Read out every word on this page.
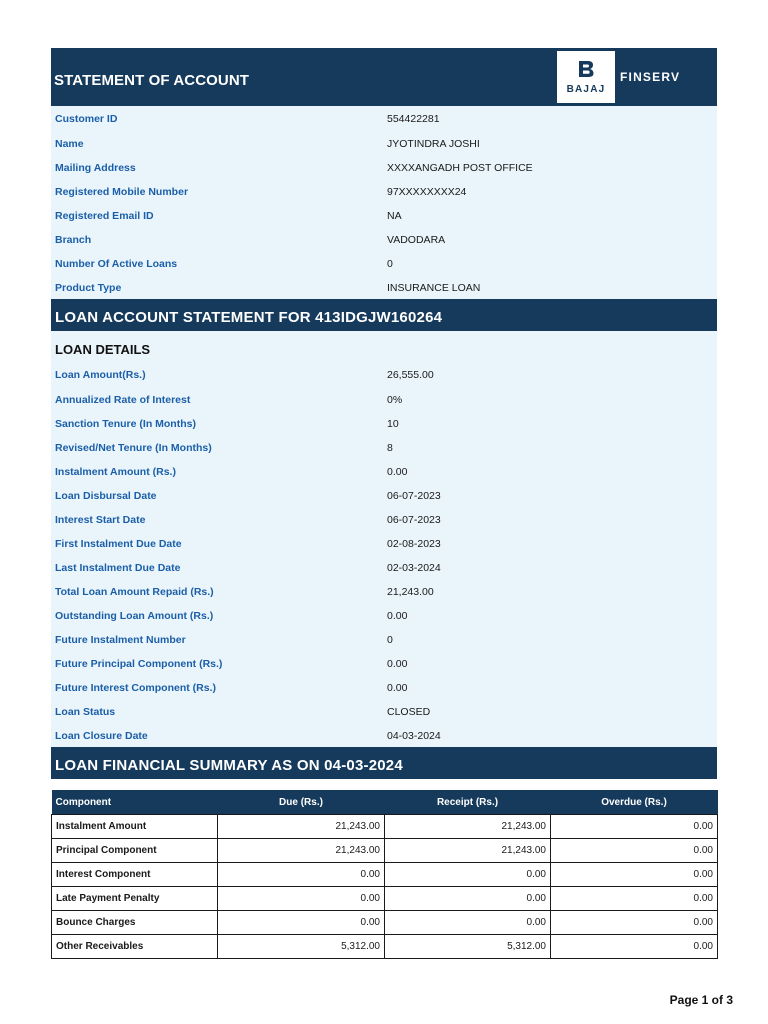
STATEMENT OF ACCOUNT
BAJAJ
FINSERV
Customer ID	554422281
Name	JYOTINDRA JOSHI
Mailing Address	XXXXANGADH POST OFFICE
Registered Mobile Number	97XXXXXXXX24
Registered Email ID	NA
Branch	VADODARA
Number Of Active Loans	0
Product Type	INSURANCE LOAN
LOAN ACCOUNT STATEMENT FOR 413IDGJW160264
LOAN DETAILS
Loan Amount(Rs.)	26,555.00
Annualized Rate of Interest	0%
Sanction Tenure (In Months)	10
Revised/Net Tenure (In Months)	8
Instalment Amount (Rs.)	0.00
Loan Disbursal Date	06-07-2023
Interest Start Date	06-07-2023
First Instalment Due Date	02-08-2023
Last Instalment Due Date	02-03-2024
Total Loan Amount Repaid (Rs.)	21,243.00
Outstanding Loan Amount (Rs.)	0.00
Future Instalment Number	0
Future Principal Component (Rs.)	0.00
Future Interest Component (Rs.)	0.00
Loan Status	CLOSED
Loan Closure Date	04-03-2024
LOAN FINANCIAL SUMMARY AS ON 04-03-2024
Component	Due (Rs.)	Receipt (Rs.)	Overdue (Rs.)
Instalment Amount	21,243.00	21,243.00	0.00
Principal Component	21,243.00	21,243.00	0.00
Interest Component	0.00	0.00	0.00
Late Payment Penalty	0.00	0.00	0.00
Bounce Charges	0.00	0.00	0.00
Other Receivables	5,312.00	5,312.00	0.00
Page 1 of 3
